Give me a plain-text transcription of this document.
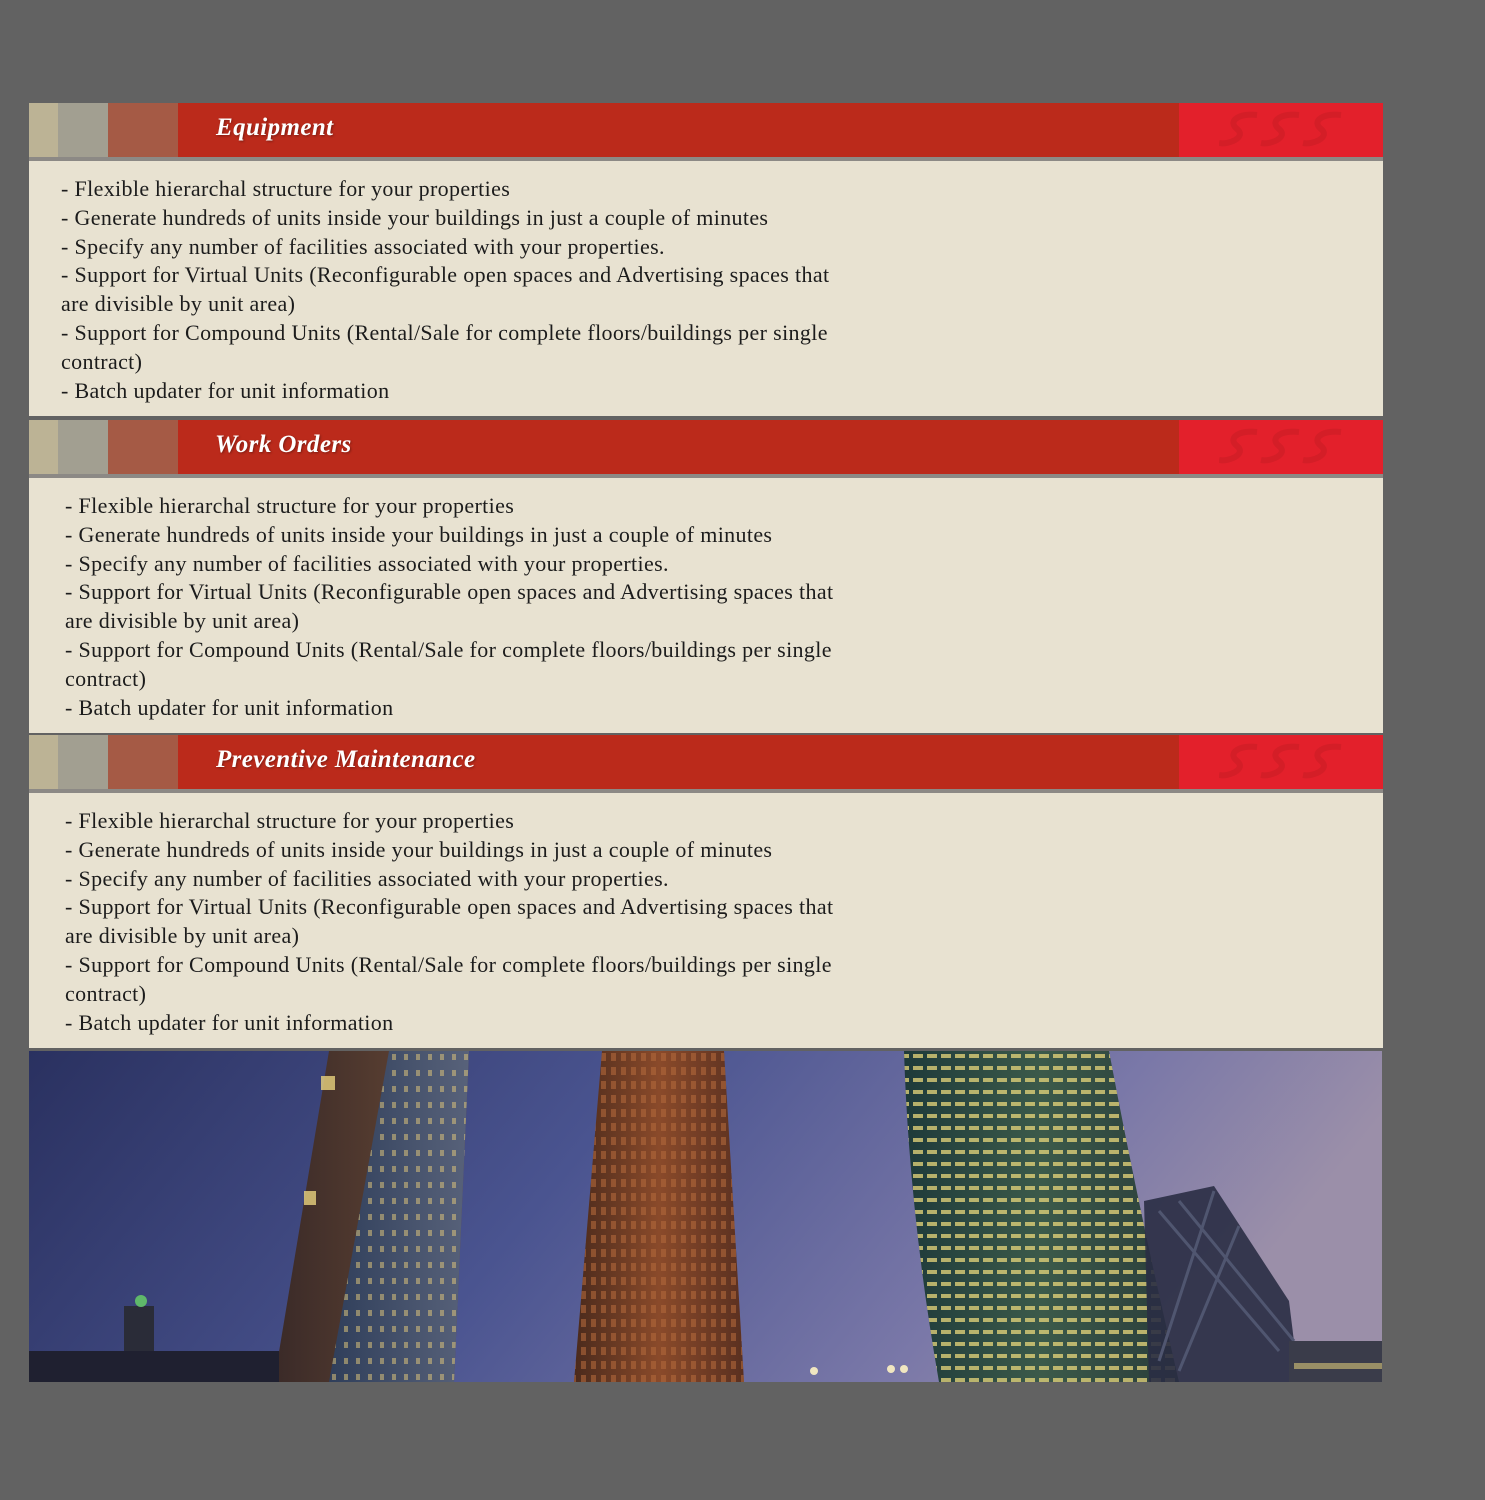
Equipment
- Flexible hierarchal structure for your properties
- Generate hundreds of units inside your buildings in just a couple of minutes
- Specify any number of facilities associated with your properties.
- Support for Virtual Units (Reconfigurable open spaces and Advertising spaces that are divisible by unit area)
- Support for Compound Units (Rental/Sale for complete floors/buildings per single contract)
- Batch updater for unit information
Work Orders
- Flexible hierarchal structure for your properties
- Generate hundreds of units inside your buildings in just a couple of minutes
- Specify any number of facilities associated with your properties.
- Support for Virtual Units (Reconfigurable open spaces and Advertising spaces that are divisible by unit area)
- Support for Compound Units (Rental/Sale for complete floors/buildings per single contract)
- Batch updater for unit information
Preventive Maintenance
- Flexible hierarchal structure for your properties
- Generate hundreds of units inside your buildings in just a couple of minutes
- Specify any number of facilities associated with your properties.
- Support for Virtual Units (Reconfigurable open spaces and Advertising spaces that are divisible by unit area)
- Support for Compound Units (Rental/Sale for complete floors/buildings per single contract)
- Batch updater for unit information
